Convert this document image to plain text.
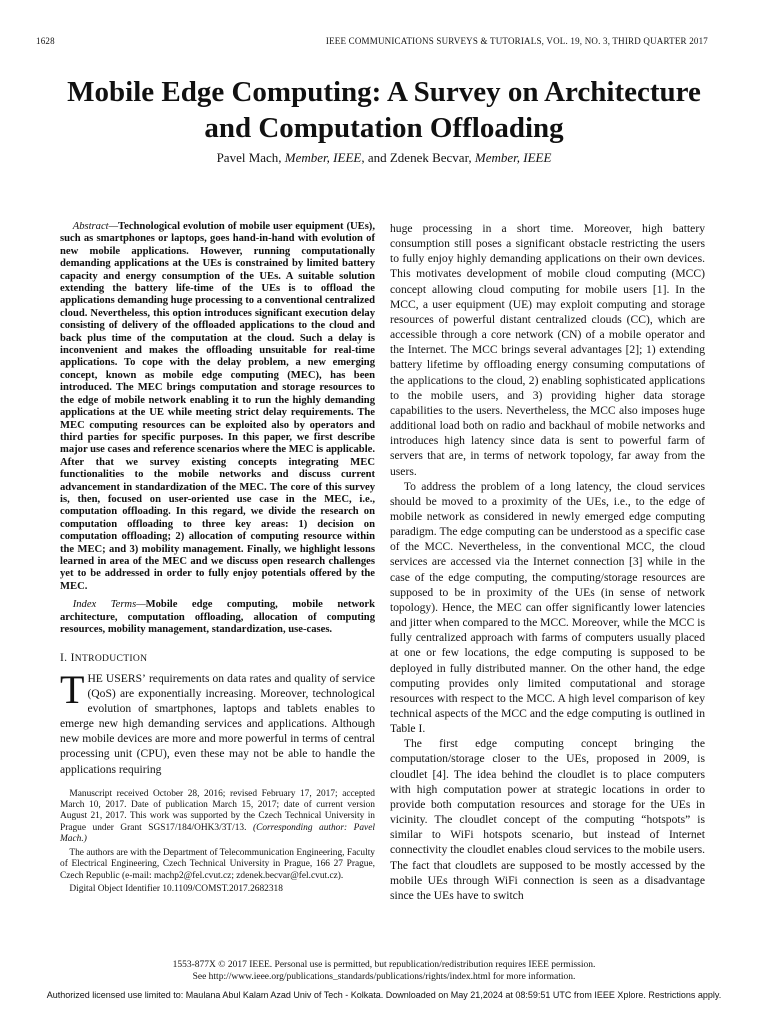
1628	IEEE COMMUNICATIONS SURVEYS & TUTORIALS, VOL. 19, NO. 3, THIRD QUARTER 2017
Mobile Edge Computing: A Survey on Architecture
and Computation Offloading
Pavel Mach, Member, IEEE, and Zdenek Becvar, Member, IEEE

Abstract—Technological evolution of mobile user equipment (UEs), such as smartphones or laptops, goes hand-in-hand with evolution of new mobile applications. However, running computationally demanding applications at the UEs is constrained by limited battery capacity and energy consumption of the UEs. A suitable solution extending the battery life-time of the UEs is to offload the applications demanding huge processing to a conventional centralized cloud. Nevertheless, this option introduces significant execution delay consisting of delivery of the offloaded applications to the cloud and back plus time of the computation at the cloud. Such a delay is inconvenient and makes the offloading unsuitable for real-time applications. To cope with the delay problem, a new emerging concept, known as mobile edge computing (MEC), has been introduced. The MEC brings computation and storage resources to the edge of mobile network enabling it to run the highly demanding applications at the UE while meeting strict delay requirements. The MEC computing resources can be exploited also by operators and third parties for specific purposes. In this paper, we first describe major use cases and reference scenarios where the MEC is applicable. After that we survey existing concepts integrating MEC functionalities to the mobile networks and discuss current advancement in standardization of the MEC. The core of this survey is, then, focused on user-oriented use case in the MEC, i.e., computation offloading. In this regard, we divide the research on computation offloading to three key areas: 1) decision on computation offloading; 2) allocation of computing resource within the MEC; and 3) mobility management. Finally, we highlight lessons learned in area of the MEC and we discuss open research challenges yet to be addressed in order to fully enjoy potentials offered by the MEC.

Index Terms—Mobile edge computing, mobile network architecture, computation offloading, allocation of computing resources, mobility management, standardization, use-cases.

I. INTRODUCTION

THE USERS’ requirements on data rates and quality of service (QoS) are exponentially increasing. Moreover, technological evolution of smartphones, laptops and tablets enables to emerge new high demanding services and applications. Although new mobile devices are more and more powerful in terms of central processing unit (CPU), even these may not be able to handle the applications requiring

Manuscript received October 28, 2016; revised February 17, 2017; accepted March 10, 2017. Date of publication March 15, 2017; date of current version August 21, 2017. This work was supported by the Czech Technical University in Prague under Grant SGS17/184/OHK3/3T/13. (Corresponding author: Pavel Mach.)

The authors are with the Department of Telecommunication Engineering, Faculty of Electrical Engineering, Czech Technical University in Prague, 166 27 Prague, Czech Republic (e-mail: machp2@fel.cvut.cz; zdenek.becvar@fel.cvut.cz).

Digital Object Identifier 10.1109/COMST.2017.2682318

huge processing in a short time. Moreover, high battery consumption still poses a significant obstacle restricting the users to fully enjoy highly demanding applications on their own devices. This motivates development of mobile cloud computing (MCC) concept allowing cloud computing for mobile users [1]. In the MCC, a user equipment (UE) may exploit computing and storage resources of powerful distant centralized clouds (CC), which are accessible through a core network (CN) of a mobile operator and the Internet. The MCC brings several advantages [2]; 1) extending battery lifetime by offloading energy consuming computations of the applications to the cloud, 2) enabling sophisticated applications to the mobile users, and 3) providing higher data storage capabilities to the users. Nevertheless, the MCC also imposes huge additional load both on radio and backhaul of mobile networks and introduces high latency since data is sent to powerful farm of servers that are, in terms of network topology, far away from the users.

To address the problem of a long latency, the cloud services should be moved to a proximity of the UEs, i.e., to the edge of mobile network as considered in newly emerged edge computing paradigm. The edge computing can be understood as a specific case of the MCC. Nevertheless, in the conventional MCC, the cloud services are accessed via the Internet connection [3] while in the case of the edge computing, the computing/storage resources are supposed to be in proximity of the UEs (in sense of network topology). Hence, the MEC can offer significantly lower latencies and jitter when compared to the MCC. Moreover, while the MCC is fully centralized approach with farms of computers usually placed at one or few locations, the edge computing is supposed to be deployed in fully distributed manner. On the other hand, the edge computing provides only limited computational and storage resources with respect to the MCC. A high level comparison of key technical aspects of the MCC and the edge computing is outlined in Table I.

The first edge computing concept bringing the computation/storage closer to the UEs, proposed in 2009, is cloudlet [4]. The idea behind the cloudlet is to place computers with high computation power at strategic locations in order to provide both computation resources and storage for the UEs in vicinity. The cloudlet concept of the computing “hotspots” is similar to WiFi hotspots scenario, but instead of Internet connectivity the cloudlet enables cloud services to the mobile users. The fact that cloudlets are supposed to be mostly accessed by the mobile UEs through WiFi connection is seen as a disadvantage since the UEs have to switch

1553-877X © 2017 IEEE. Personal use is permitted, but republication/redistribution requires IEEE permission.
See http://www.ieee.org/publications_standards/publications/rights/index.html for more information.
Authorized licensed use limited to: Maulana Abul Kalam Azad Univ of Tech - Kolkata. Downloaded on May 21,2024 at 08:59:51 UTC from IEEE Xplore. Restrictions apply.
